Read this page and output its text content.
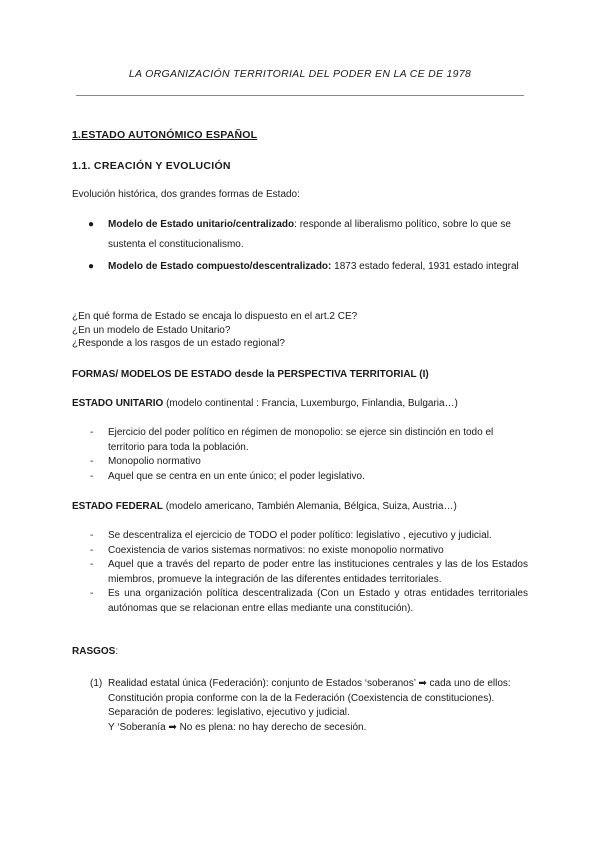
LA ORGANIZACIÓN TERRITORIAL DEL PODER EN LA CE DE 1978
1.ESTADO AUTONÓMICO ESPAÑOL
1.1. CREACIÓN Y EVOLUCIÓN
Evolución histórica, dos grandes formas de Estado:
● Modelo de Estado unitario/centralizado: responde al liberalismo político, sobre lo que se sustenta el constitucionalismo.
● Modelo de Estado compuesto/descentralizado: 1873 estado federal, 1931 estado integral
¿En qué forma de Estado se encaja lo dispuesto en el art.2 CE?
¿En un modelo de Estado Unitario?
¿Responde a los rasgos de un estado regional?
FORMAS/ MODELOS DE ESTADO desde la PERSPECTIVA TERRITORIAL (I)
ESTADO UNITARIO (modelo continental : Francia, Luxemburgo, Finlandia, Bulgaria…)
- Ejercicio del poder político en régimen de monopolio: se ejerce sin distinción en todo el territorio para toda la población.
- Monopolio normativo
- Aquel que se centra en un ente único; el poder legislativo.
ESTADO FEDERAL (modelo americano, También Alemania, Bélgica, Suiza, Austria…)
- Se descentraliza el ejercicio de TODO el poder político: legislativo , ejecutivo y judicial.
- Coexistencia de varios sistemas normativos: no existe monopolio normativo
- Aquel que a través del reparto de poder entre las instituciones centrales y las de los Estados miembros, promueve la integración de las diferentes entidades territoriales.
- Es una organización política descentralizada (Con un Estado y otras entidades territoriales autónomas que se relacionan entre ellas mediante una constitución).
RASGOS:
(1) Realidad estatal única (Federación): conjunto de Estados ‘soberanos’ ➡ cada uno de ellos:
Constitución propia conforme con la de la Federación (Coexistencia de constituciones).
Separación de poderes: legislativo, ejecutivo y judicial.
Y ‘Soberanía ➡ No es plena: no hay derecho de secesión.
